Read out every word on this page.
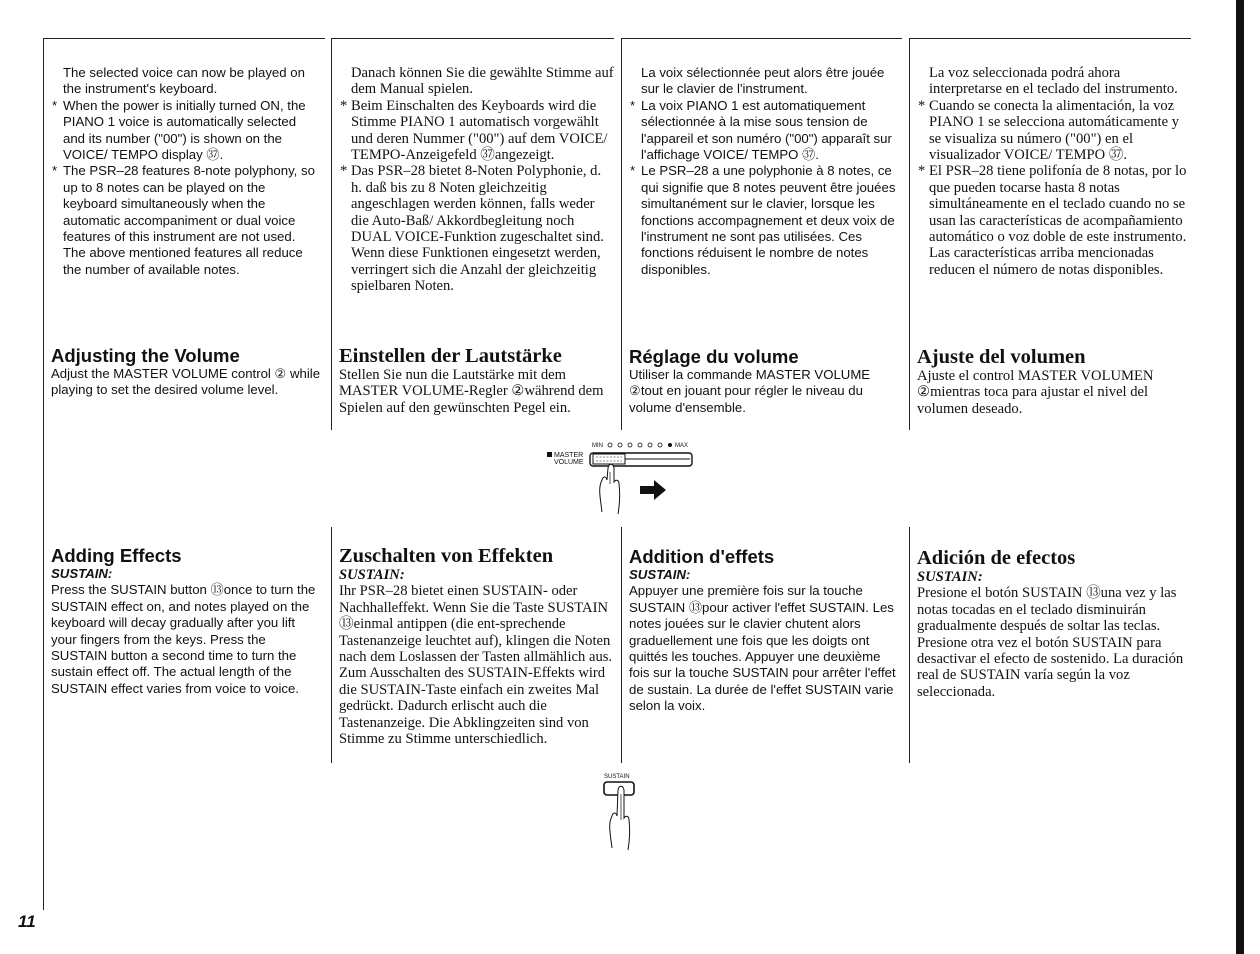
The selected voice can now be played on the instrument's keyboard.

* When the power is initially turned ON, the PIANO 1 voice is automatically selected and its number ("00") is shown on the VOICE/ TEMPO display ㊲.
* The PSR–28 features 8-note polyphony, so up to 8 notes can be played on the keyboard simultaneously when the automatic accompaniment or dual voice features of this instrument are not used. The above mentioned features all reduce the number of available notes.
Adjusting the Volume

Adjust the MASTER VOLUME control ② while playing to set the desired volume level.

Danach können Sie die gewählte Stimme auf dem Manual spielen.

* Beim Einschalten des Keyboards wird die Stimme PIANO 1 automatisch vorgewählt und deren Nummer ("00") auf dem VOICE/ TEMPO-Anzeigefeld ㊲angezeigt.
* Das PSR–28 bietet 8-Noten Polyphonie, d. h. daß bis zu 8 Noten gleichzeitig angeschlagen werden können, falls weder die Auto-Baß/ Akkordbegleitung noch DUAL VOICE-Funktion zugeschaltet sind. Wenn diese Funktionen eingesetzt werden, verringert sich die Anzahl der gleichzeitig spielbaren Noten.
Einstellen der Lautstärke

Stellen Sie nun die Lautstärke mit dem MASTER VOLUME-Regler ②während dem Spielen auf den gewünschten Pegel ein.

La voix sélectionnée peut alors être jouée sur le clavier de l'instrument.

* La voix PIANO 1 est automatiquement sélectionnée à la mise sous tension de l'appareil et son numéro ("00") apparaît sur l'affichage VOICE/ TEMPO ㊲.
* Le PSR–28 a une polyphonie à 8 notes, ce qui signifie que 8 notes peuvent être jouées simultanément sur le clavier, lorsque les fonctions accompagnement et deux voix de l'instrument ne sont pas utilisées. Ces fonctions réduisent le nombre de notes disponibles.
Réglage du volume

Utiliser la commande MASTER VOLUME ②tout en jouant pour régler le niveau du volume d'ensemble.

La voz seleccionada podrá ahora interpretarse en el teclado del instrumento.

* Cuando se conecta la alimentación, la voz PIANO 1 se selecciona automáticamente y se visualiza su número ("00") en el visualizador VOICE/ TEMPO ㊲.
* El PSR–28 tiene polifonía de 8 notas, por lo que pueden tocarse hasta 8 notas simultáneamente en el teclado cuando no se usan las características de acompañamiento automático o voz doble de este instrumento. Las características arriba mencionadas reducen el número de notas disponibles.
Ajuste del volumen

Ajuste el control MASTER VOLUMEN ②mientras toca para ajustar el nivel del volumen deseado.

MIN	MAX
MASTER
VOLUME
Adding Effects

SUSTAIN:

Press the SUSTAIN button ⑬once to turn the SUSTAIN effect on, and notes played on the keyboard will decay gradually after you lift your fingers from the keys. Press the SUSTAIN button a second time to turn the sustain effect off. The actual length of the SUSTAIN effect varies from voice to voice.

Zuschalten von Effekten

SUSTAIN:

Ihr PSR–28 bietet einen SUSTAIN- oder Nachhalleffekt. Wenn Sie die Taste SUSTAIN ⑬einmal antippen (die ent-sprechende Tastenanzeige leuchtet auf), klingen die Noten nach dem Loslassen der Tasten allmählich aus. Zum Ausschalten des SUSTAIN-Effekts wird die SUSTAIN-Taste einfach ein zweites Mal gedrückt. Dadurch erlischt auch die Tastenanzeige. Die Abklingzeiten sind von Stimme zu Stimme unterschiedlich.

Addition d'effets

SUSTAIN:

Appuyer une première fois sur la touche SUSTAIN ⑬pour activer l'effet SUSTAIN. Les notes jouées sur le clavier chutent alors graduellement une fois que les doigts ont quittés les touches. Appuyer une deuxième fois sur la touche SUSTAIN pour arrêter l'effet de sustain. La durée de l'effet SUSTAIN varie selon la voix.

Adición de efectos

SUSTAIN:

Presione el botón SUSTAIN ⑬una vez y las notas tocadas en el teclado disminuirán gradualmente después de soltar las teclas. Presione otra vez el botón SUSTAIN para desactivar el efecto de sostenido. La duración real de SUSTAIN varía según la voz seleccionada.

SUSTAIN
11
